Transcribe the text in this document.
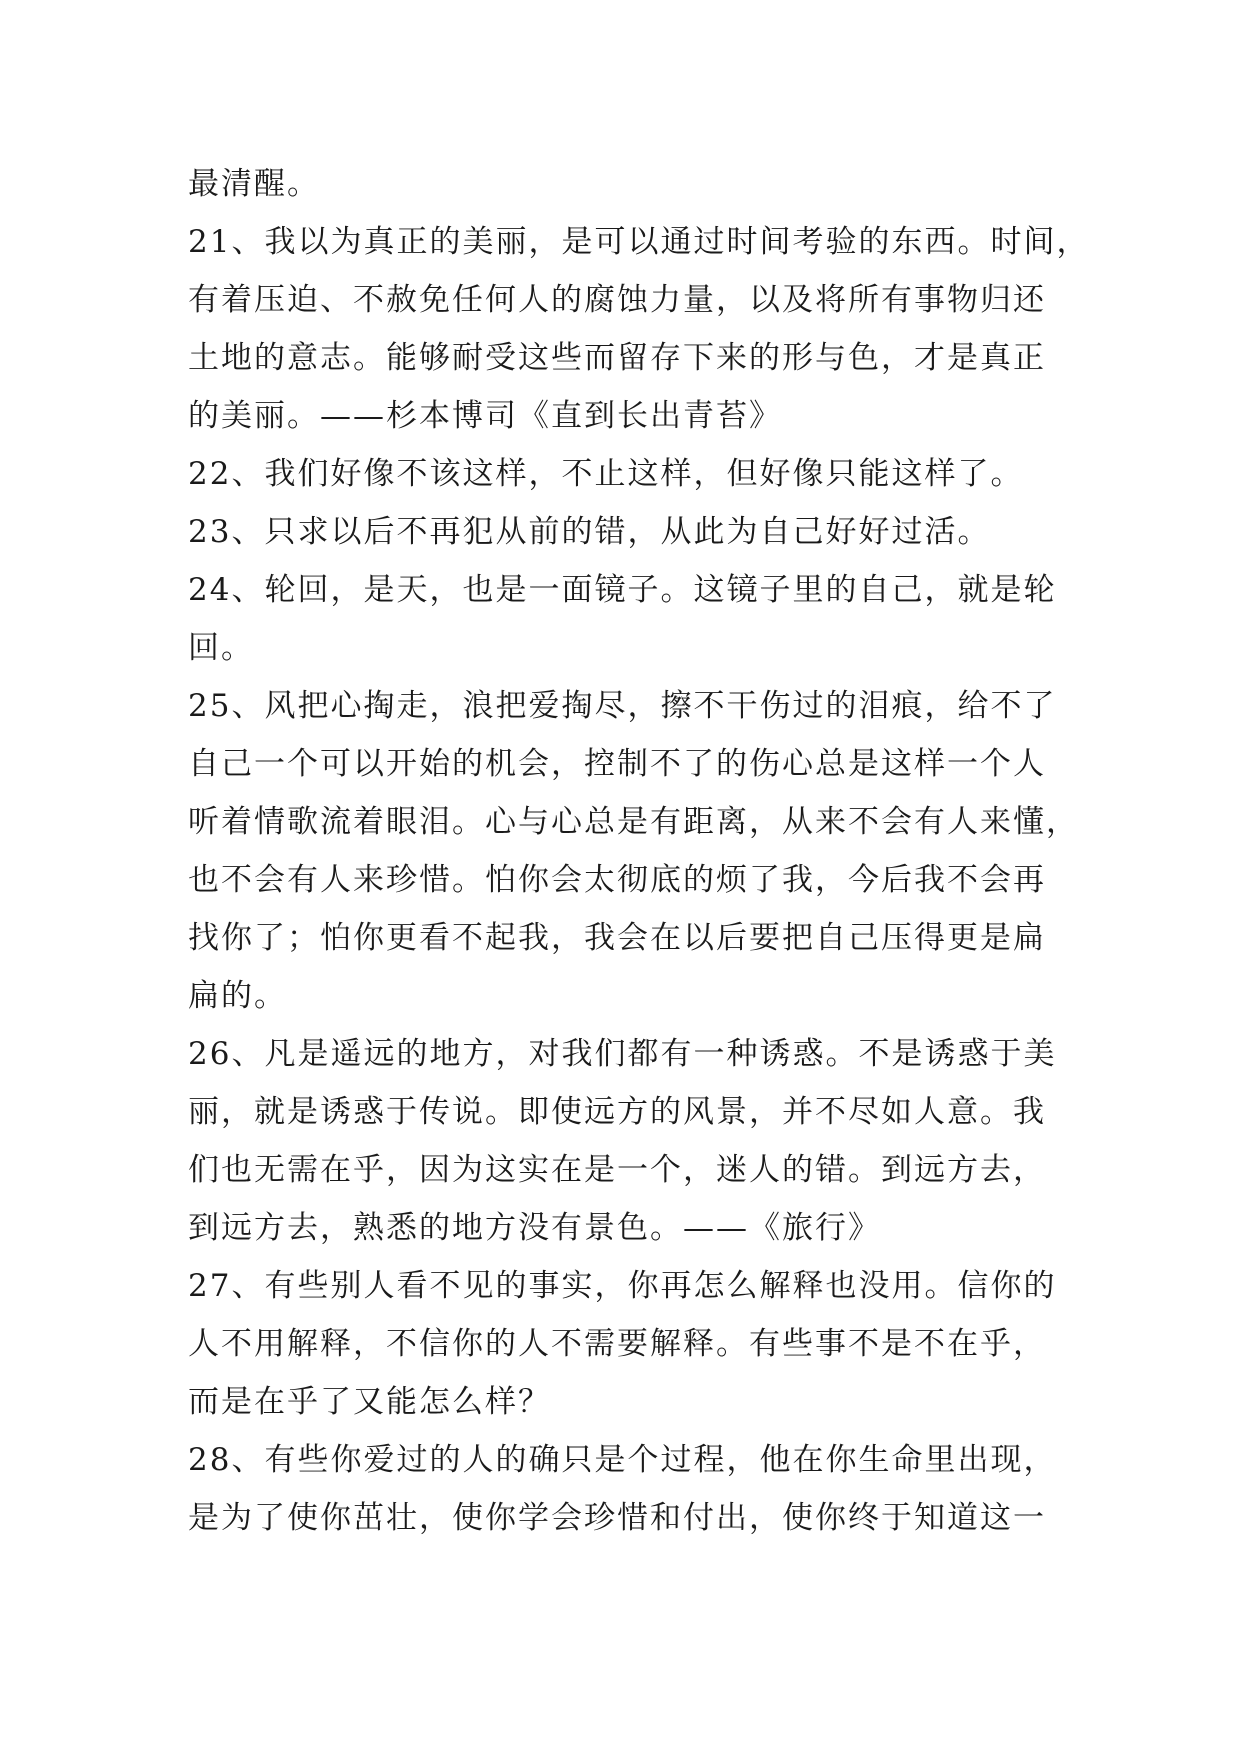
最清醒。
21、我以为真正的美丽，是可以通过时间考验的东西。时间，
有着压迫、不赦免任何人的腐蚀力量，以及将所有事物归还
土地的意志。能够耐受这些而留存下来的形与色，才是真正
的美丽。——杉本博司《直到长出青苔》
22、我们好像不该这样，不止这样，但好像只能这样了。
23、只求以后不再犯从前的错，从此为自己好好过活。
24、轮回，是天，也是一面镜子。这镜子里的自己，就是轮
回。
25、风把心掏走，浪把爱掏尽，擦不干伤过的泪痕，给不了
自己一个可以开始的机会，控制不了的伤心总是这样一个人
听着情歌流着眼泪。心与心总是有距离，从来不会有人来懂，
也不会有人来珍惜。怕你会太彻底的烦了我，今后我不会再
找你了；怕你更看不起我，我会在以后要把自己压得更是扁
扁的。
26、凡是遥远的地方，对我们都有一种诱惑。不是诱惑于美
丽，就是诱惑于传说。即使远方的风景，并不尽如人意。我
们也无需在乎，因为这实在是一个，迷人的错。到远方去，
到远方去，熟悉的地方没有景色。——《旅行》
27、有些别人看不见的事实，你再怎么解释也没用。信你的
人不用解释，不信你的人不需要解释。有些事不是不在乎，
而是在乎了又能怎么样？
28、有些你爱过的人的确只是个过程，他在你生命里出现，
是为了使你茁壮，使你学会珍惜和付出，使你终于知道这一
